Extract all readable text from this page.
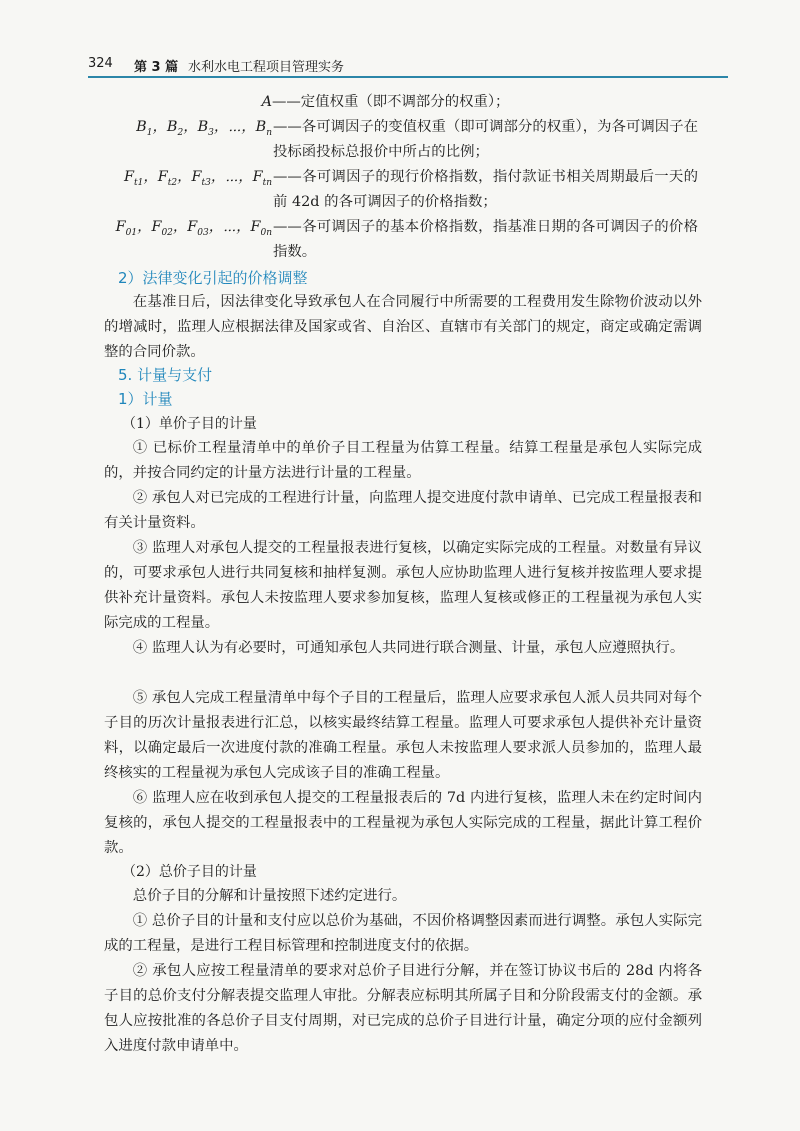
324 第 3 篇 水利水电工程项目管理实务
A ——定值权重（即不调部分的权重）；
$B_1$，$B_2$，$B_3$，⋯，$B_n$ ——各可调因子的变值权重（即可调部分的权重），为各可调因子在投标函投标总报价中所占的比例；
$F_{t1}$，$F_{t2}$，$F_{t3}$，⋯，$F_{tn}$ ——各可调因子的现行价格指数，指付款证书相关周期最后一天的前 42d 的各可调因子的价格指数；
$F_{01}$，$F_{02}$，$F_{03}$，⋯，$F_{0n}$ ——各可调因子的基本价格指数，指基准日期的各可调因子的价格指数。
2）法律变化引起的价格调整
在基准日后，因法律变化导致承包人在合同履行中所需要的工程费用发生除物价波动以外的增减时，监理人应根据法律及国家或省、自治区、直辖市有关部门的规定，商定或确定需调整的合同价款。
5. 计量与支付
1）计量
（1）单价子目的计量
① 已标价工程量清单中的单价子目工程量为估算工程量。结算工程量是承包人实际完成的，并按合同约定的计量方法进行计量的工程量。
② 承包人对已完成的工程进行计量，向监理人提交进度付款申请单、已完成工程量报表和有关计量资料。
③ 监理人对承包人提交的工程量报表进行复核，以确定实际完成的工程量。对数量有异议的，可要求承包人进行共同复核和抽样复测。承包人应协助监理人进行复核并按监理人要求提供补充计量资料。承包人未按监理人要求参加复核，监理人复核或修正的工程量视为承包人实际完成的工程量。
④ 监理人认为有必要时，可通知承包人共同进行联合测量、计量，承包人应遵照执行。
⑤ 承包人完成工程量清单中每个子目的工程量后，监理人应要求承包人派人员共同对每个子目的历次计量报表进行汇总，以核实最终结算工程量。监理人可要求承包人提供补充计量资料，以确定最后一次进度付款的准确工程量。承包人未按监理人要求派人员参加的，监理人最终核实的工程量视为承包人完成该子目的准确工程量。
⑥ 监理人应在收到承包人提交的工程量报表后的 7d 内进行复核，监理人未在约定时间内复核的，承包人提交的工程量报表中的工程量视为承包人实际完成的工程量，据此计算工程价款。
（2）总价子目的计量
总价子目的分解和计量按照下述约定进行。
① 总价子目的计量和支付应以总价为基础，不因价格调整因素而进行调整。承包人实际完成的工程量，是进行工程目标管理和控制进度支付的依据。
② 承包人应按工程量清单的要求对总价子目进行分解，并在签订协议书后的 28d 内将各子目的总价支付分解表提交监理人审批。分解表应标明其所属子目和分阶段需支付的金额。承包人应按批准的各总价子目支付周期，对已完成的总价子目进行计量，确定分项的应付金额列入进度付款申请单中。
